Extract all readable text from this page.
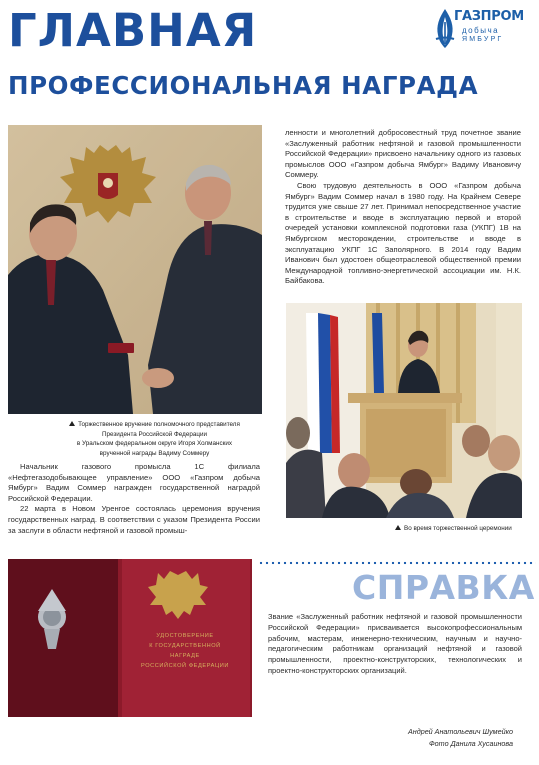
ГЛАВНАЯ
ПРОФЕССИОНАЛЬНАЯ НАГРАДА
ГАЗПРОМ
добыча
ЯМБУРГ
Торжественное вручение полномочного представителя Президента Российской Федерации
в Уральском федеральном округе Игоря Холманских
врученной награды Вадиму Соммеру

Начальник газового промысла 1С филиала «Нефтегазодобывающее управление» ООО «Газпром добыча Ямбург» Вадим Соммер награжден государственной наградой Российской Федерации.

22 марта в Новом Уренгое состоялась церемония вручения государственных наград. В соответствии с указом Президента России за заслуги в области нефтяной и газовой промыш-

ленности и многолетний добросовестный труд почетное звание «Заслуженный работник нефтяной и газовой промышленности Российской Федерации» присвоено начальнику одного из газовых промыслов ООО «Газпром добыча Ямбург» Вадиму Ивановичу Соммеру.

Свою трудовую деятельность в ООО «Газпром добыча Ямбург» Вадим Соммер начал в 1980 году. На Крайнем Севере трудится уже свыше 27 лет. Принимал непосредственное участие в строительстве и вводе в эксплуатацию первой и второй очередей установки комплексной подготовки газа (УКПГ) 1В на Ямбургском месторождении, строительстве и вводе в эксплуатацию УКПГ 1С Заполярного. В 2014 году Вадим Иванович был удостоен общеотраслевой общественной премии Международной топливно-энергетической ассоциации им. Н.К. Байбакова.

Во время торжественной церемонии
УДОСТОВЕРЕНИЕ
К ГОСУДАРСТВЕННОЙ
НАГРАДЕ
РОССИЙСКОЙ ФЕДЕРАЦИИ
СПРАВКА
Звание «Заслуженный работник нефтяной и газовой промышленности Российской Федерации» присваивается высокопрофессиональным рабочим, мастерам, инженерно-техническим, научным и научно-педагогическим работникам организаций нефтяной и газовой промышленности, проектно-конструкторских, технологических и проектно-конструкторских организаций.
Андрей Анатольевич Шумейко
Фото Данила Хусаинова
